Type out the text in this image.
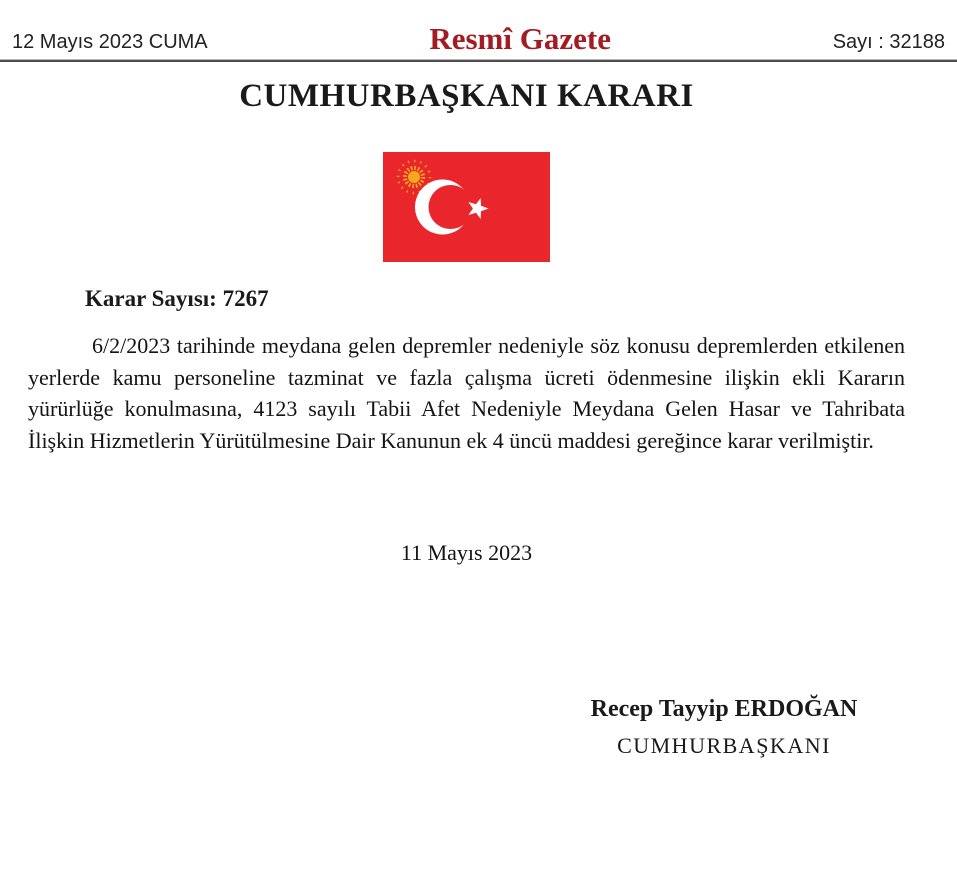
12 Mayıs 2023 CUMA	Resmî Gazete	Sayı : 32188
CUMHURBAŞKANI KARARI
Karar Sayısı: 7267
6/2/2023 tarihinde meydana gelen depremler nedeniyle söz konusu depremlerden etkilenen yerlerde kamu personeline tazminat ve fazla çalışma ücreti ödenmesine ilişkin ekli Kararın yürürlüğe konulmasına, 4123 sayılı Tabii Afet Nedeniyle Meydana Gelen Hasar ve Tahribata İlişkin Hizmetlerin Yürütülmesine Dair Kanunun ek 4 üncü maddesi gereğince karar verilmiştir.
11 Mayıs 2023
Recep Tayyip ERDOĞAN
CUMHURBAŞKANI
